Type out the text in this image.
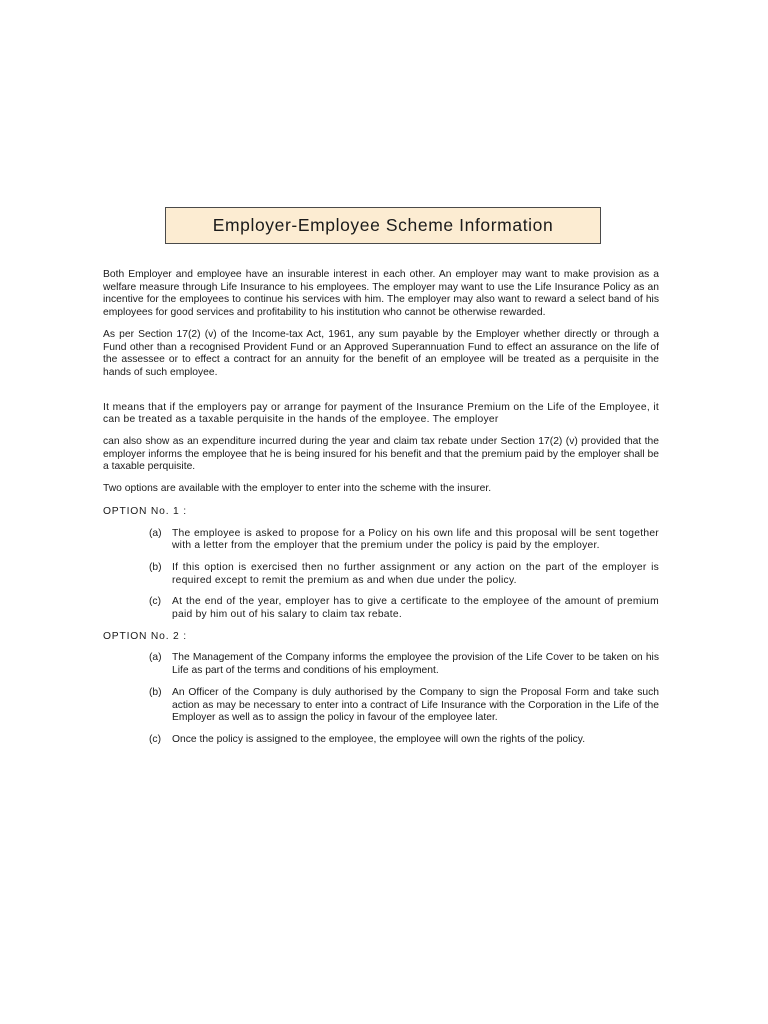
Employer-Employee Scheme Information

Both Employer and employee have an insurable interest in each other. An employer may want to make provision as a welfare measure through Life Insurance to his employees. The employer may want to use the Life Insurance Policy as an incentive for the employees to continue his services with him. The employer may also want to reward a select band of his employees for good services and profitability to his institution who cannot be otherwise rewarded.

As per Section 17(2) (v) of the Income-tax Act, 1961, any sum payable by the Employer whether directly or through a Fund other than a recognised Provident Fund or an Approved Superannuation Fund to effect an assurance on the life of the assessee or to effect a contract for an annuity for the benefit of an employee will be treated as a perquisite in the hands of such employee.

It means that if the employers pay or arrange for payment of the Insurance Premium on the Life of the Employee, it can be treated as a taxable perquisite in the hands of the employee. The employer

can also show as an expenditure incurred during the year and claim tax rebate under Section 17(2) (v) provided that the employer informs the employee that he is being insured for his benefit and that the premium paid by the employer shall be a taxable perquisite.

Two options are available with the employer to enter into the scheme with the insurer.

OPTION No. 1 :

(a)	The employee is asked to propose for a Policy on his own life and this proposal will be sent together with a letter from the employer that the premium under the policy is paid by the employer.

(b)	If this option is exercised then no further assignment or any action on the part of the employer is required except to remit the premium as and when due under the policy.

(c)	At the end of the year, employer has to give a certificate to the employee of the amount of premium paid by him out of his salary to claim tax rebate.

OPTION No. 2 :

(a)	The Management of the Company informs the employee the provision of the Life Cover to be taken on his Life as part of the terms and conditions of his employment.

(b)	An Officer of the Company is duly authorised by the Company to sign the Proposal Form and take such action as may be necessary to enter into a contract of Life Insurance with the Corporation in the Life of the Employer as well as to assign the policy in favour of the employee later.

(c)	Once the policy is assigned to the employee, the employee will own the rights of the policy.
